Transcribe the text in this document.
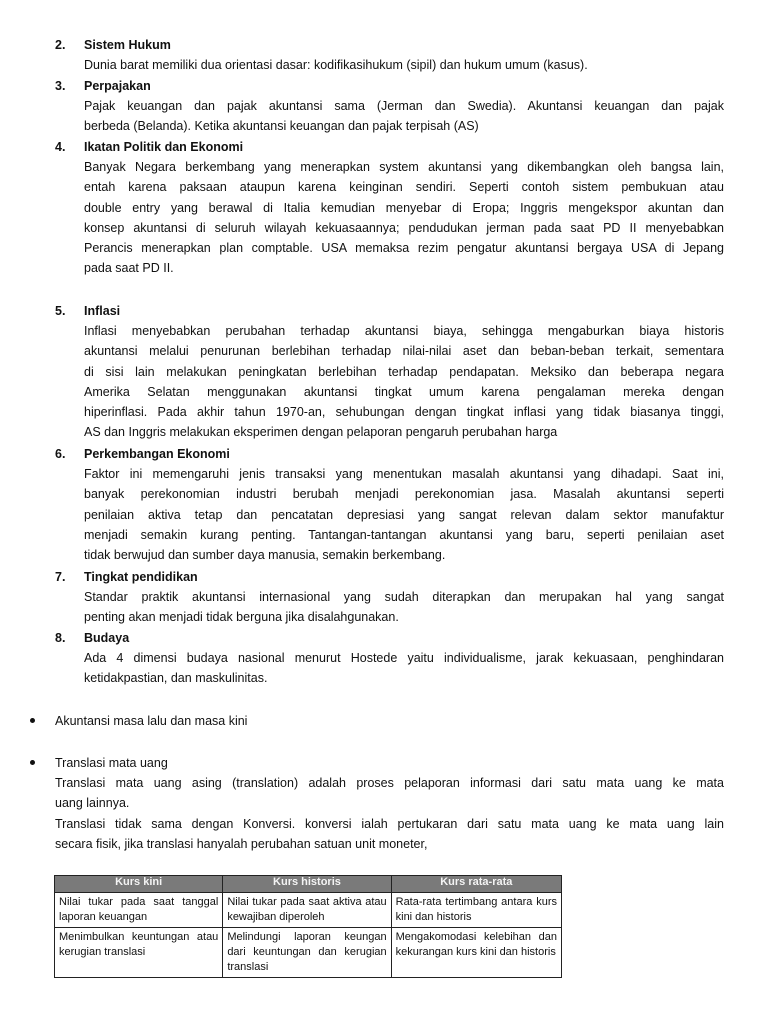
2. Sistem Hukum
Dunia barat memiliki dua orientasi dasar: kodifikasihukum (sipil) dan hukum umum (kasus).
3. Perpajakan
Pajak keuangan dan pajak akuntansi sama (Jerman dan Swedia). Akuntansi keuangan dan pajak
berbeda (Belanda). Ketika akuntansi keuangan dan pajak terpisah (AS)
4. Ikatan Politik dan Ekonomi
Banyak Negara berkembang yang menerapkan system akuntansi yang dikembangkan oleh bangsa lain,
entah karena paksaan ataupun karena keinginan sendiri. Seperti contoh sistem pembukuan atau
double entry yang berawal di Italia kemudian menyebar di Eropa; Inggris mengekspor akuntan dan
konsep akuntansi di seluruh wilayah kekuasaannya; pendudukan jerman pada saat PD II menyebabkan
Perancis menerapkan plan comptable. USA memaksa rezim pengatur akuntansi bergaya USA di Jepang
pada saat PD II.
5. Inflasi
Inflasi menyebabkan perubahan terhadap akuntansi biaya, sehingga mengaburkan biaya historis
akuntansi melalui penurunan berlebihan terhadap nilai-nilai aset dan beban-beban terkait, sementara
di sisi lain melakukan peningkatan berlebihan terhadap pendapatan. Meksiko dan beberapa negara
Amerika Selatan menggunakan akuntansi tingkat umum karena pengalaman mereka dengan
hiperinflasi. Pada akhir tahun 1970-an, sehubungan dengan tingkat inflasi yang tidak biasanya tinggi,
AS dan Inggris melakukan eksperimen dengan pelaporan pengaruh perubahan harga
6. Perkembangan Ekonomi
Faktor ini memengaruhi jenis transaksi yang menentukan masalah akuntansi yang dihadapi. Saat ini,
banyak perekonomian industri berubah menjadi perekonomian jasa. Masalah akuntansi seperti
penilaian aktiva tetap dan pencatatan depresiasi yang sangat relevan dalam sektor manufaktur
menjadi semakin kurang penting. Tantangan-tantangan akuntansi yang baru, seperti penilaian aset
tidak berwujud dan sumber daya manusia, semakin berkembang.
7. Tingkat pendidikan
Standar praktik akuntansi internasional yang sudah diterapkan dan merupakan hal yang sangat
penting akan menjadi tidak berguna jika disalahgunakan.
8. Budaya
Ada 4 dimensi budaya nasional menurut Hostede yaitu individualisme, jarak kekuasaan, penghindaran
ketidakpastian, dan maskulinitas.
Akuntansi masa lalu dan masa kini
Translasi mata uang
Translasi mata uang asing (translation) adalah proses pelaporan informasi dari satu mata uang ke mata
uang lainnya.
Translasi tidak sama dengan Konversi. konversi ialah pertukaran dari satu mata uang ke mata uang lain
secara fisik, jika translasi hanyalah perubahan satuan unit moneter,
Kurs kini	Kurs historis	Kurs rata-rata
Nilai tukar pada saat tanggal laporan keuangan	Nilai tukar pada saat aktiva atau kewajiban diperoleh	Rata-rata tertimbang antara kurs kini dan historis
Menimbulkan keuntungan atau kerugian translasi	Melindungi laporan keungan dari keuntungan dan kerugian translasi	Mengakomodasi kelebihan dan kekurangan kurs kini dan historis
